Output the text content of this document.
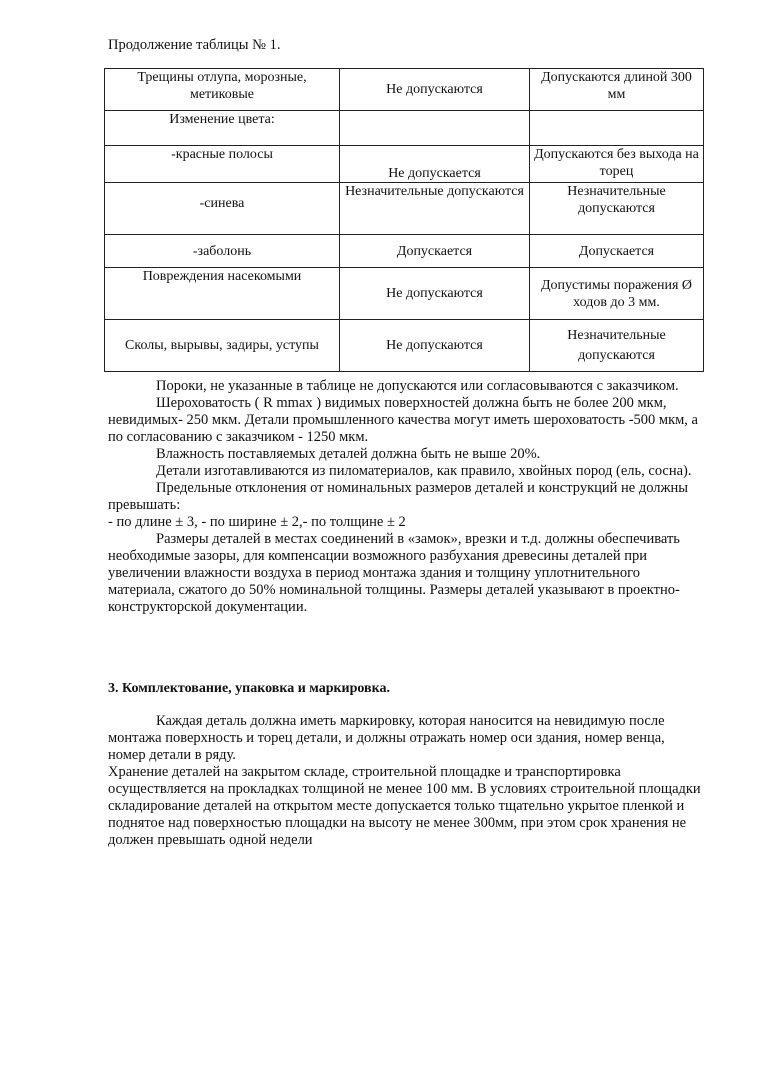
Продолжение таблицы № 1.
Трещины отлупа, морозные, метиковые	Не допускаются	Допускаются длиной 300 мм
Изменение цвета:		
-красные полосы	Не допускается	Допускаются без выхода на торец
-синева	Незначительные допускаются	Незначительные допускаются
-заболонь	Допускается	Допускается
Повреждения насекомыми	Не допускаются	Допустимы поражения Ø ходов до 3 мм.
Сколы, вырывы, задиры, уступы	Не допускаются	Незначительные допускаются

Пороки, не указанные в таблице не допускаются или согласовываются с заказчиком.

Шероховатость ( R mmax ) видимых поверхностей должна быть не более 200 мкм, невидимых- 250 мкм. Детали промышленного качества могут иметь шероховатость -500 мкм, а по согласованию с заказчиком - 1250 мкм.

Влажность поставляемых деталей должна быть не выше 20%.

Детали изготавливаются из пиломатериалов, как правило, хвойных пород (ель, сосна).

Предельные отклонения от номинальных размеров деталей и конструкций не должны превышать:

- по длине ± 3, - по ширине ± 2,- по толщине ± 2

Размеры деталей в местах соединений в «замок», врезки и т.д. должны обеспечивать необходимые зазоры, для компенсации возможного разбухания древесины деталей при увеличении влажности воздуха в период монтажа здания и толщину уплотнительного материала, сжатого до 50% номинальной толщины. Размеры деталей указывают в проектно-конструкторской документации.

3. Комплектование, упаковка и маркировка.

Каждая деталь должна иметь маркировку, которая наносится на невидимую после монтажа поверхность и торец детали, и должны отражать номер оси здания, номер венца, номер детали в ряду.

Хранение деталей на закрытом складе, строительной площадке и транспортировка осуществляется на прокладках толщиной не менее 100 мм. В условиях строительной площадки складирование деталей на открытом месте допускается только тщательно укрытое пленкой и поднятое над поверхностью площадки на высоту не менее 300мм, при этом срок хранения не должен превышать одной недели
